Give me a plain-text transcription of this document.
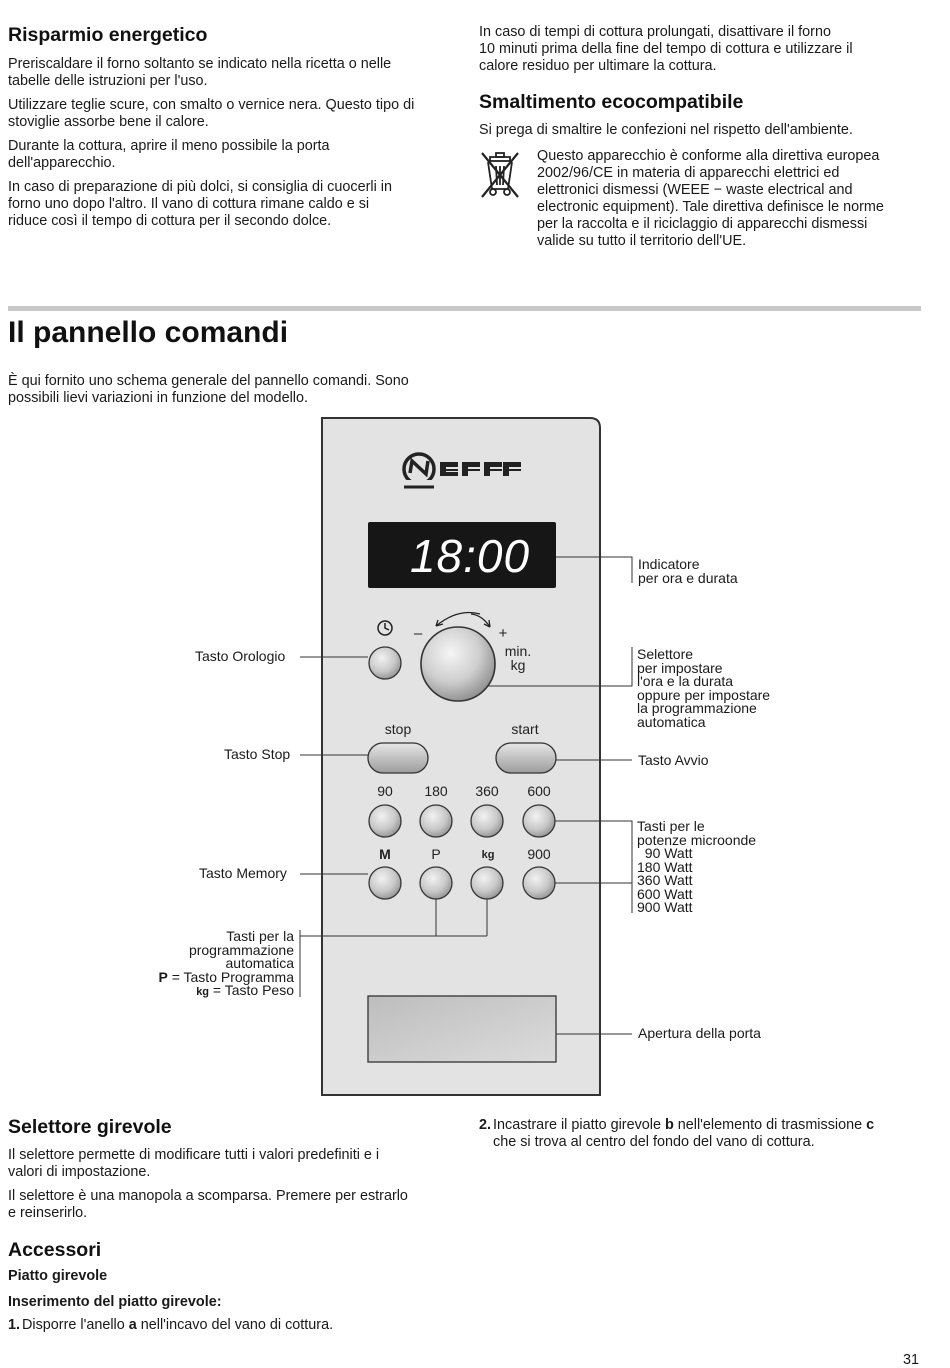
Risparmio energetico

Preriscaldare il forno soltanto se indicato nella ricetta o nelle
tabelle delle istruzioni per l'uso.

Utilizzare teglie scure, con smalto o vernice nera. Questo tipo di
stoviglie assorbe bene il calore.

Durante la cottura, aprire il meno possibile la porta
dell'apparecchio.

In caso di preparazione di più dolci, si consiglia di cuocerli in
forno uno dopo l'altro. Il vano di cottura rimane caldo e si
riduce così il tempo di cottura per il secondo dolce.

In caso di tempi di cottura prolungati, disattivare il forno
10 minuti prima della fine del tempo di cottura e utilizzare il
calore residuo per ultimare la cottura.

Smaltimento ecocompatibile

Si prega di smaltire le confezioni nel rispetto dell'ambiente.

Questo apparecchio è conforme alla direttiva europea
2002/96/CE in materia di apparecchi elettrici ed
elettronici dismessi (WEEE − waste electrical and
electronic equipment). Tale direttiva definisce le norme
per la raccolta e il riciclaggio di apparecchi dismessi
valide su tutto il territorio dell'UE.

Il pannello comandi

È qui fornito uno schema generale del pannello comandi. Sono
possibili lievi variazioni in funzione del modello.

18:00
–	+
min.
kg
stop	start
90 180 360 600
M	P	kg 900
Indicatore
per ora e durata
Tasto Orologio	Selettore
per impostare
l'ora e la durata
oppure per impostare
la programmazione
automatica
Tasto Stop	Tasto Avvio
Tasti per le
potenze microonde
90 Watt
180 Watt
360 Watt
600 Watt
900 Watt
Tasto Memory
Tasti per la
programmazione
automatica
P = Tasto Programma
kg = Tasto Peso
Apertura della porta
Selettore girevole

Il selettore permette di modificare tutti i valori predefiniti e i
valori di impostazione.

Il selettore è una manopola a scomparsa. Premere per estrarlo
e reinserirlo.

Accessori

Piatto girevole

Inserimento del piatto girevole:

1. Disporre l'anello a nell'incavo del vano di cottura.

2. Incastrare il piatto girevole b nell'elemento di trasmissione c
che si trova al centro del fondo del vano di cottura.

31
